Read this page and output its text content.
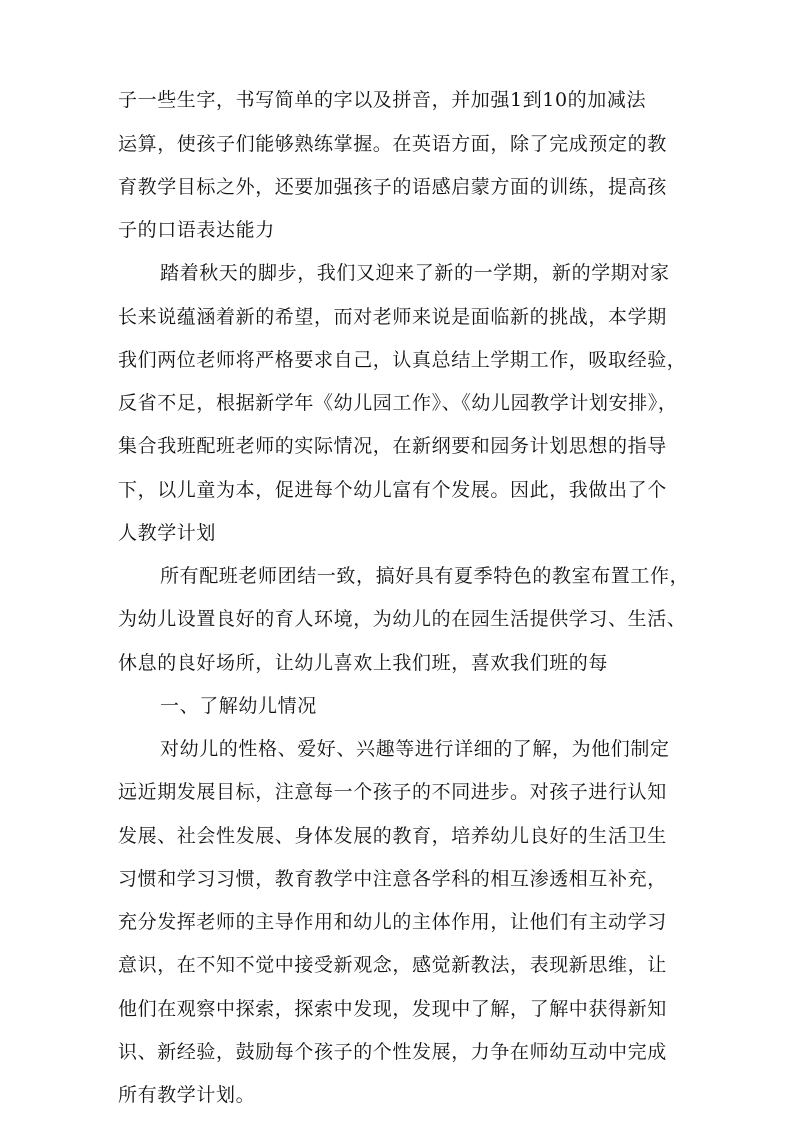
子一些生字，书写简单的字以及拼音，并加强1到10的加减法
运算，使孩子们能够熟练掌握。在英语方面，除了完成预定的教
育教学目标之外，还要加强孩子的语感启蒙方面的训练，提高孩
子的口语表达能力
踏着秋天的脚步，我们又迎来了新的一学期，新的学期对家
长来说蕴涵着新的希望，而对老师来说是面临新的挑战，本学期
我们两位老师将严格要求自己，认真总结上学期工作，吸取经验，
反省不足，根据新学年《幼儿园工作》、《幼儿园教学计划安排》，
集合我班配班老师的实际情况，在新纲要和园务计划思想的指导
下，以儿童为本，促进每个幼儿富有个发展。因此，我做出了个
人教学计划
所有配班老师团结一致，搞好具有夏季特色的教室布置工作，
为幼儿设置良好的育人环境，为幼儿的在园生活提供学习、生活、
休息的良好场所，让幼儿喜欢上我们班，喜欢我们班的每
一、了解幼儿情况
对幼儿的性格、爱好、兴趣等进行详细的了解，为他们制定
远近期发展目标，注意每一个孩子的不同进步。对孩子进行认知
发展、社会性发展、身体发展的教育，培养幼儿良好的生活卫生
习惯和学习习惯，教育教学中注意各学科的相互渗透相互补充，
充分发挥老师的主导作用和幼儿的主体作用，让他们有主动学习
意识，在不知不觉中接受新观念，感觉新教法，表现新思维，让
他们在观察中探索，探索中发现，发现中了解，了解中获得新知
识、新经验，鼓励每个孩子的个性发展，力争在师幼互动中完成
所有教学计划。
